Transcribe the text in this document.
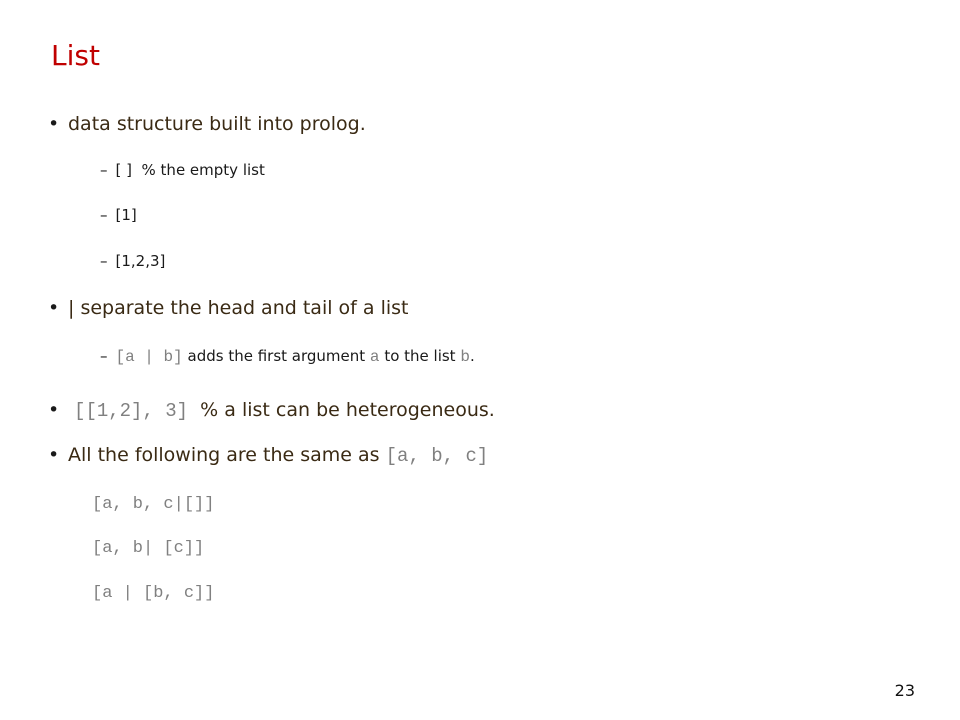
List
• data structure built into prolog.
– [ ] % the empty list
– [1]
– [1,2,3]
• | separate the head and tail of a list
– [a | b] adds the first argument a to the list b.
• [[1,2], 3] % a list can be heterogeneous.
• All the following are the same as [a, b, c]
[a, b, c|[]]
[a, b| [c]]
[a | [b, c]]
23
